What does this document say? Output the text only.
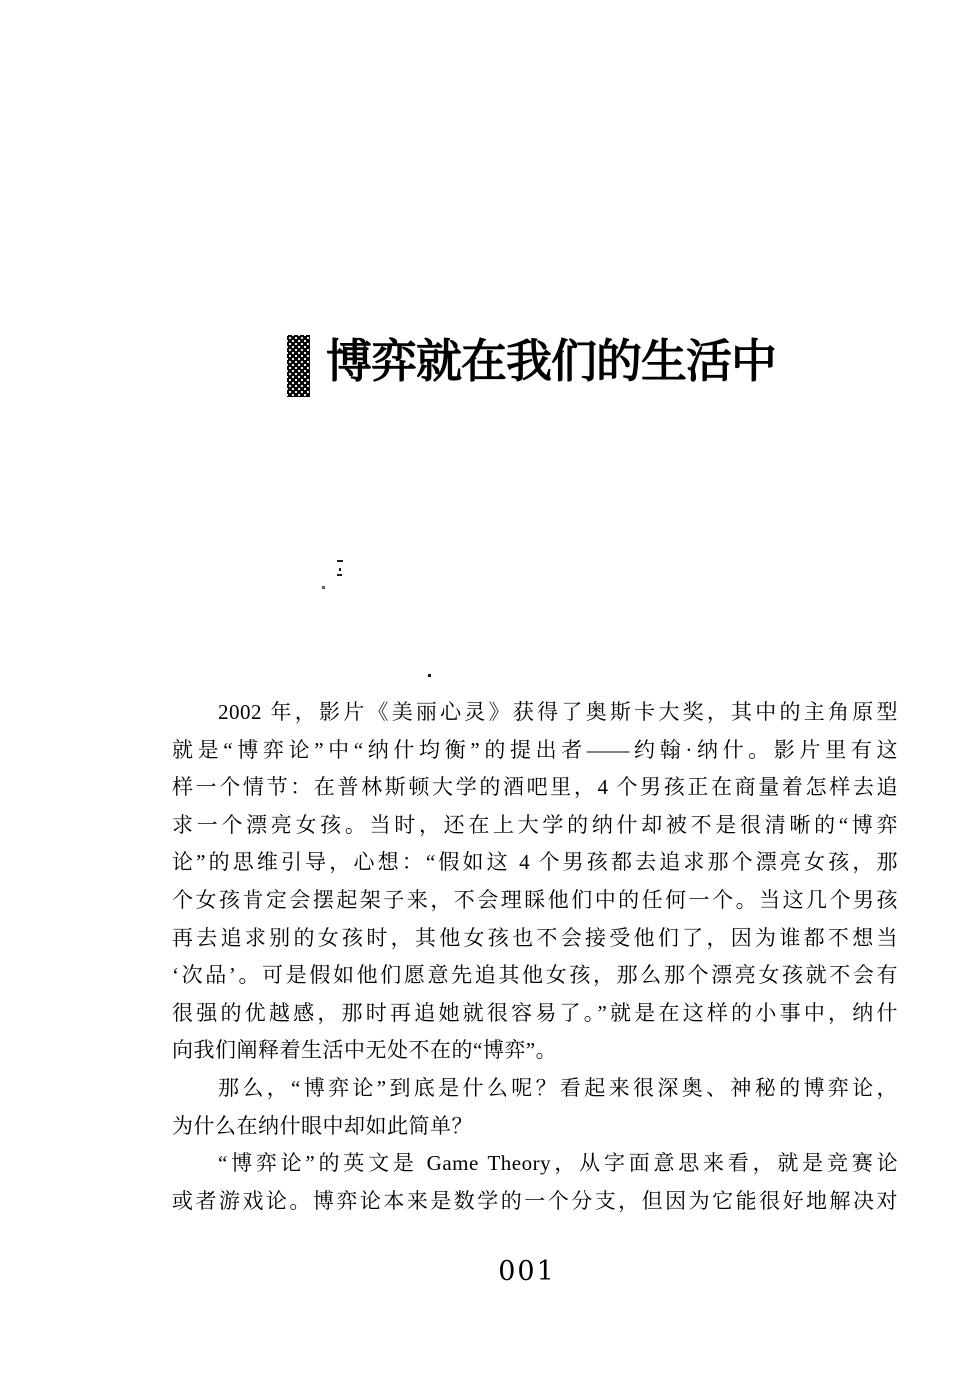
博弈就在我们的生活中
2002 年，影片《美丽心灵》获得了奥斯卡大奖，其中的主角原型
就是“博弈论”中“纳什均衡”的提出者——约翰·纳什。影片里有这
样一个情节：在普林斯顿大学的酒吧里，4 个男孩正在商量着怎样去追
求一个漂亮女孩。当时，还在上大学的纳什却被不是很清晰的“博弈
论”的思维引导，心想：“假如这 4 个男孩都去追求那个漂亮女孩，那
个女孩肯定会摆起架子来，不会理睬他们中的任何一个。当这几个男孩
再去追求别的女孩时，其他女孩也不会接受他们了，因为谁都不想当
‘次品’。可是假如他们愿意先追其他女孩，那么那个漂亮女孩就不会有
很强的优越感，那时再追她就很容易了。”就是在这样的小事中，纳什
向我们阐释着生活中无处不在的“博弈”。
那么，“博弈论”到底是什么呢？看起来很深奥、神秘的博弈论，
为什么在纳什眼中却如此简单？
“博弈论”的英文是 Game Theory，从字面意思来看，就是竞赛论
或者游戏论。博弈论本来是数学的一个分支，但因为它能很好地解决对
001
